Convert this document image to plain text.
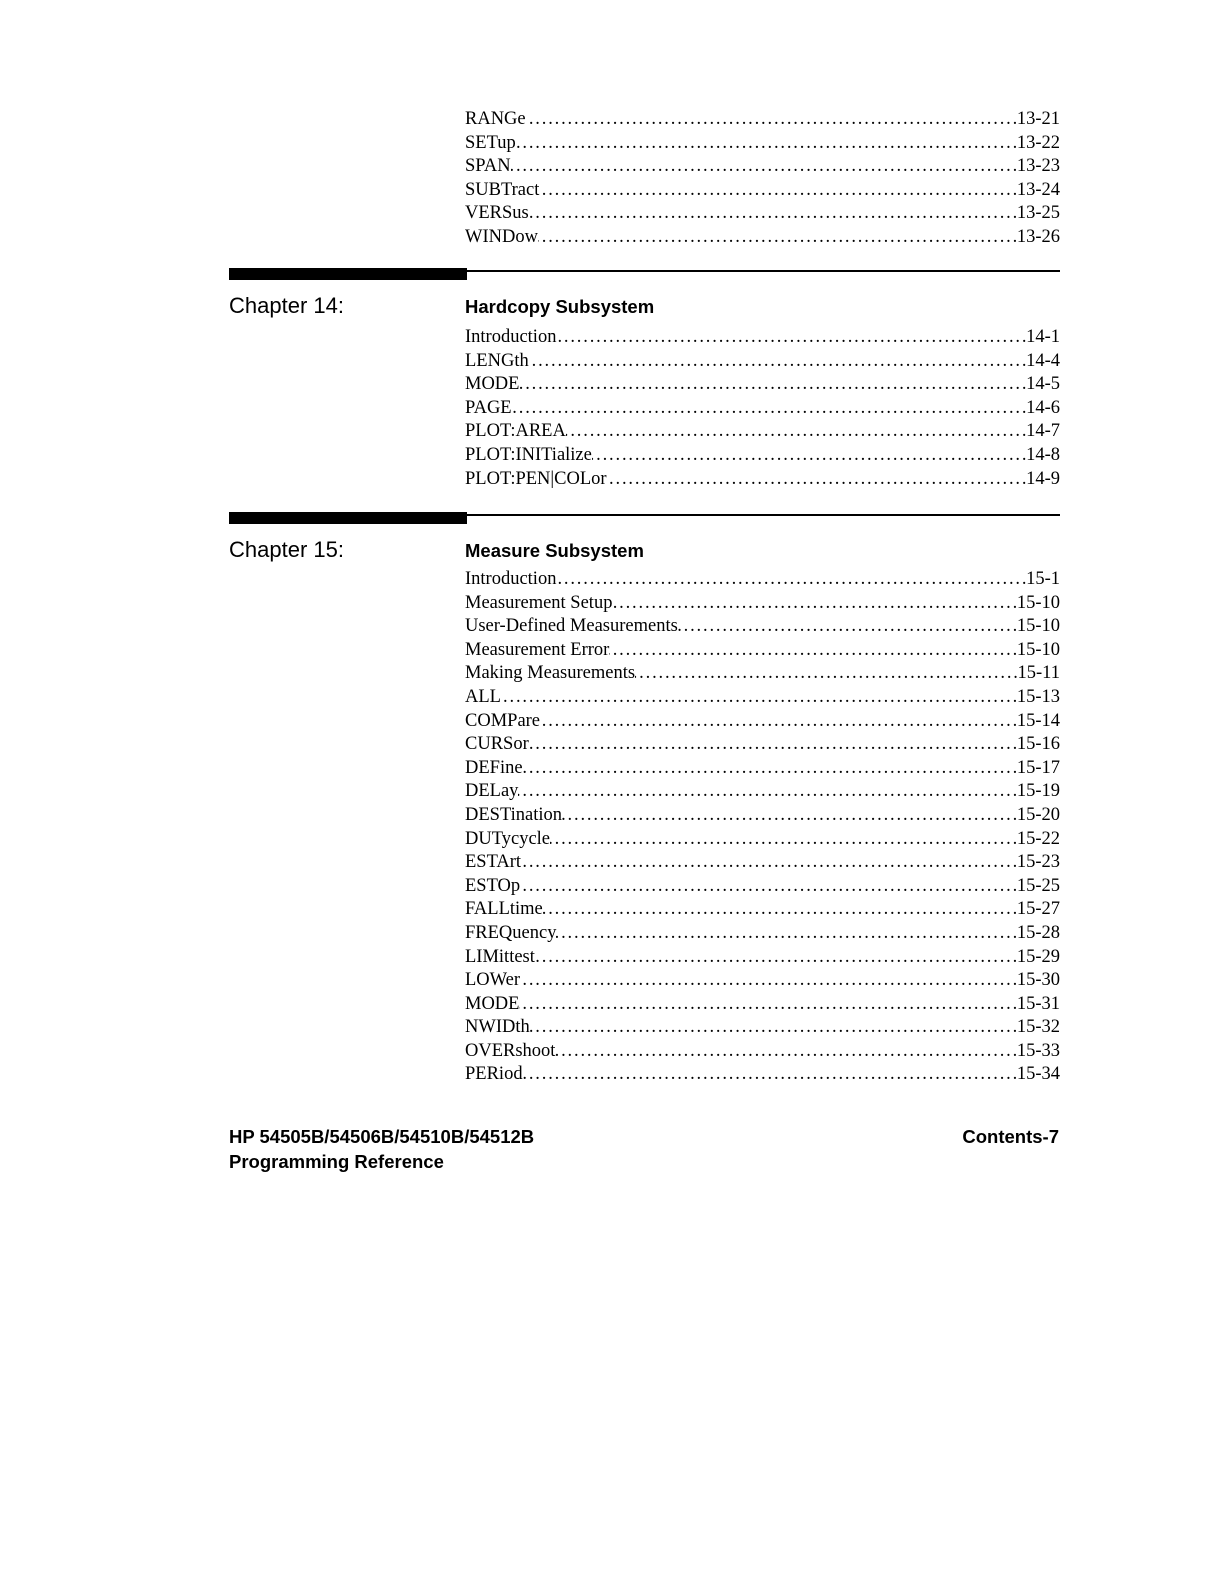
RANGe . . .	13-21
SETup . . .	13-22
SPAN . . .	13-23
SUBTract . . .	13-24
VERSus . . .	13-25
WINDow . . .	13-26
Chapter 14:	Hardcopy Subsystem
Introduction . . .	14-1
LENGth . . .	14-4
MODE . . .	14-5
PAGE . . .	14-6
PLOT:AREA . . .	14-7
PLOT:INITialize . . .	14-8
PLOT:PEN|COLor . . .	14-9
Chapter 15:	Measure Subsystem
Introduction . . .	15-1
Measurement Setup . . .	15-10
User-Defined Measurements . . .	15-10
Measurement Error . . .	15-10
Making Measurements . . .	15-11
ALL . . .	15-13
COMPare . . .	15-14
CURSor . . .	15-16
DEFine . . .	15-17
DELay . . .	15-19
DESTination . . .	15-20
DUTycycle . . .	15-22
ESTArt . . .	15-23
ESTOp . . .	15-25
FALLtime . . .	15-27
FREQuency . . .	15-28
LIMittest . . .	15-29
LOWer . . .	15-30
MODE . . .	15-31
NWIDth . . .	15-32
OVERshoot . . .	15-33
PERiod . . .	15-34
HP 54505B/54506B/54510B/54512B
Programming Reference
Contents-7
